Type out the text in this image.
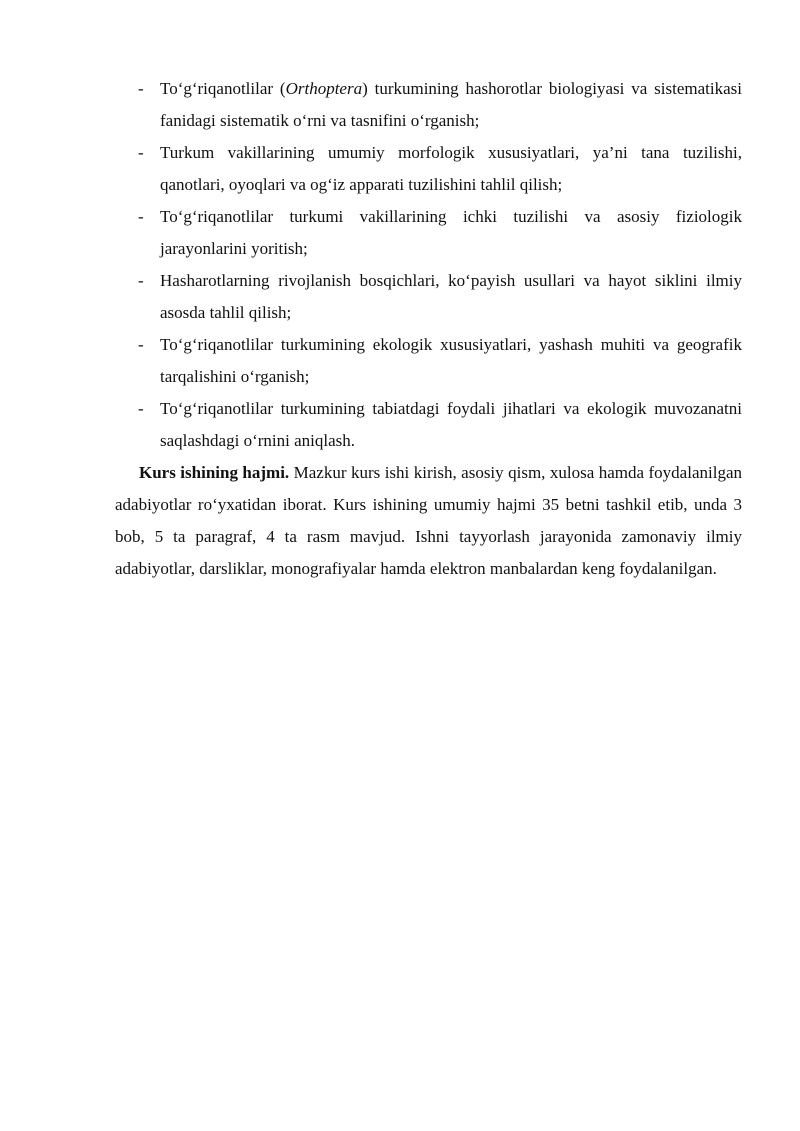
- To‘g‘riqanotlilar (Orthoptera) turkumining hashorotlar biologiyasi va sistematikasi fanidagi sistematik o‘rni va tasnifini o‘rganish;
- Turkum vakillarining umumiy morfologik xususiyatlari, ya’ni tana tuzilishi, qanotlari, oyoqlari va og‘iz apparati tuzilishini tahlil qilish;
- To‘g‘riqanotlilar turkumi vakillarining ichki tuzilishi va asosiy fiziologik jarayonlarini yoritish;
- Hasharotlarning rivojlanish bosqichlari, ko‘payish usullari va hayot siklini ilmiy asosda tahlil qilish;
- To‘g‘riqanotlilar turkumining ekologik xususiyatlari, yashash muhiti va geografik tarqalishini o‘rganish;
- To‘g‘riqanotlilar turkumining tabiatdagi foydali jihatlari va ekologik muvozanatni saqlashdagi o‘rnini aniqlash.

Kurs ishining hajmi. Mazkur kurs ishi kirish, asosiy qism, xulosa hamda foydalanilgan adabiyotlar ro‘yxatidan iborat. Kurs ishining umumiy hajmi 35 betni tashkil etib, unda 3 bob, 5 ta paragraf, 4 ta rasm mavjud. Ishni tayyorlash jarayonida zamonaviy ilmiy adabiyotlar, darsliklar, monografiyalar hamda elektron manbalardan keng foydalanilgan.
